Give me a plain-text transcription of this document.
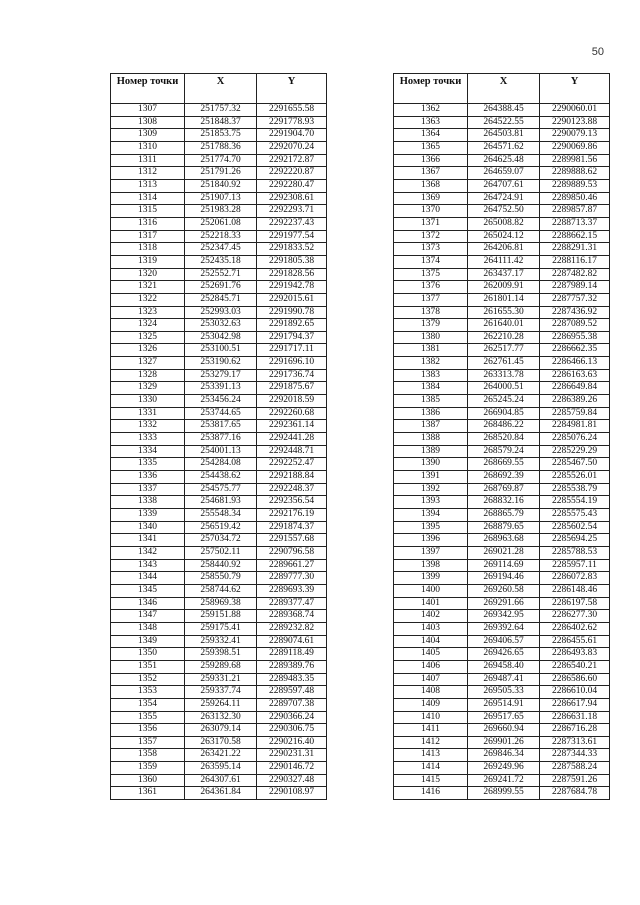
50
Номер точки	X	Y
1307	251757.32	2291655.58
1308	251848.37	2291778.93
1309	251853.75	2291904.70
1310	251788.36	2292070.24
1311	251774.70	2292172.87
1312	251791.26	2292220.87
1313	251840.92	2292280.47
1314	251907.13	2292308.61
1315	251983.28	2292293.71
1316	252061.08	2292237.43
1317	252218.33	2291977.54
1318	252347.45	2291833.52
1319	252435.18	2291805.38
1320	252552.71	2291828.56
1321	252691.76	2291942.78
1322	252845.71	2292015.61
1323	252993.03	2291990.78
1324	253032.63	2291892.65
1325	253042.98	2291794.37
1326	253100.51	2291717.11
1327	253190.62	2291696.10
1328	253279.17	2291736.74
1329	253391.13	2291875.67
1330	253456.24	2292018.59
1331	253744.65	2292260.68
1332	253817.65	2292361.14
1333	253877.16	2292441.28
1334	254001.13	2292448.71
1335	254284.08	2292252.47
1336	254438.62	2292188.84
1337	254575.77	2292248.37
1338	254681.93	2292356.54
1339	255548.34	2292176.19
1340	256519.42	2291874.37
1341	257034.72	2291557.68
1342	257502.11	2290796.58
1343	258440.92	2289661.27
1344	258550.79	2289777.30
1345	258744.62	2289693.39
1346	258969.38	2289377.47
1347	259151.88	2289368.74
1348	259175.41	2289232.82
1349	259332.41	2289074.61
1350	259398.51	2289118.49
1351	259289.68	2289389.76
1352	259331.21	2289483.35
1353	259337.74	2289597.48
1354	259264.11	2289707.38
1355	263132.30	2290366.24
1356	263079.14	2290306.75
1357	263170.58	2290216.40
1358	263421.22	2290231.31
1359	263595.14	2290146.72
1360	264307.61	2290327.48
1361	264361.84	2290108.97
Номер точки	X	Y
1362	264388.45	2290060.01
1363	264522.55	2290123.88
1364	264503.81	2290079.13
1365	264571.62	2290069.86
1366	264625.48	2289981.56
1367	264659.07	2289888.62
1368	264707.61	2289889.53
1369	264724.91	2289850.46
1370	264752.50	2289857.87
1371	265008.82	2288713.37
1372	265024.12	2288662.15
1373	264206.81	2288291.31
1374	264111.42	2288116.17
1375	263437.17	2287482.82
1376	262009.91	2287989.14
1377	261801.14	2287757.32
1378	261655.30	2287436.92
1379	261640.01	2287089.52
1380	262210.28	2286955.38
1381	262517.77	2286662.35
1382	262761.45	2286466.13
1383	263313.78	2286163.63
1384	264000.51	2286649.84
1385	265245.24	2286389.26
1386	266904.85	2285759.84
1387	268486.22	2284981.81
1388	268520.84	2285076.24
1389	268579.24	2285229.29
1390	268669.55	2285467.50
1391	268692.39	2285526.01
1392	268769.87	2285538.79
1393	268832.16	2285554.19
1394	268865.79	2285575.43
1395	268879.65	2285602.54
1396	268963.68	2285694.25
1397	269021.28	2285788.53
1398	269114.69	2285957.11
1399	269194.46	2286072.83
1400	269260.58	2286148.46
1401	269291.66	2286197.58
1402	269342.95	2286277.30
1403	269392.64	2286402.62
1404	269406.57	2286455.61
1405	269426.65	2286493.83
1406	269458.40	2286540.21
1407	269487.41	2286586.60
1408	269505.33	2286610.04
1409	269514.91	2286617.94
1410	269517.65	2286631.18
1411	269660.94	2286716.28
1412	269901.26	2287313.61
1413	269846.34	2287344.33
1414	269249.96	2287588.24
1415	269241.72	2287591.26
1416	268999.55	2287684.78
